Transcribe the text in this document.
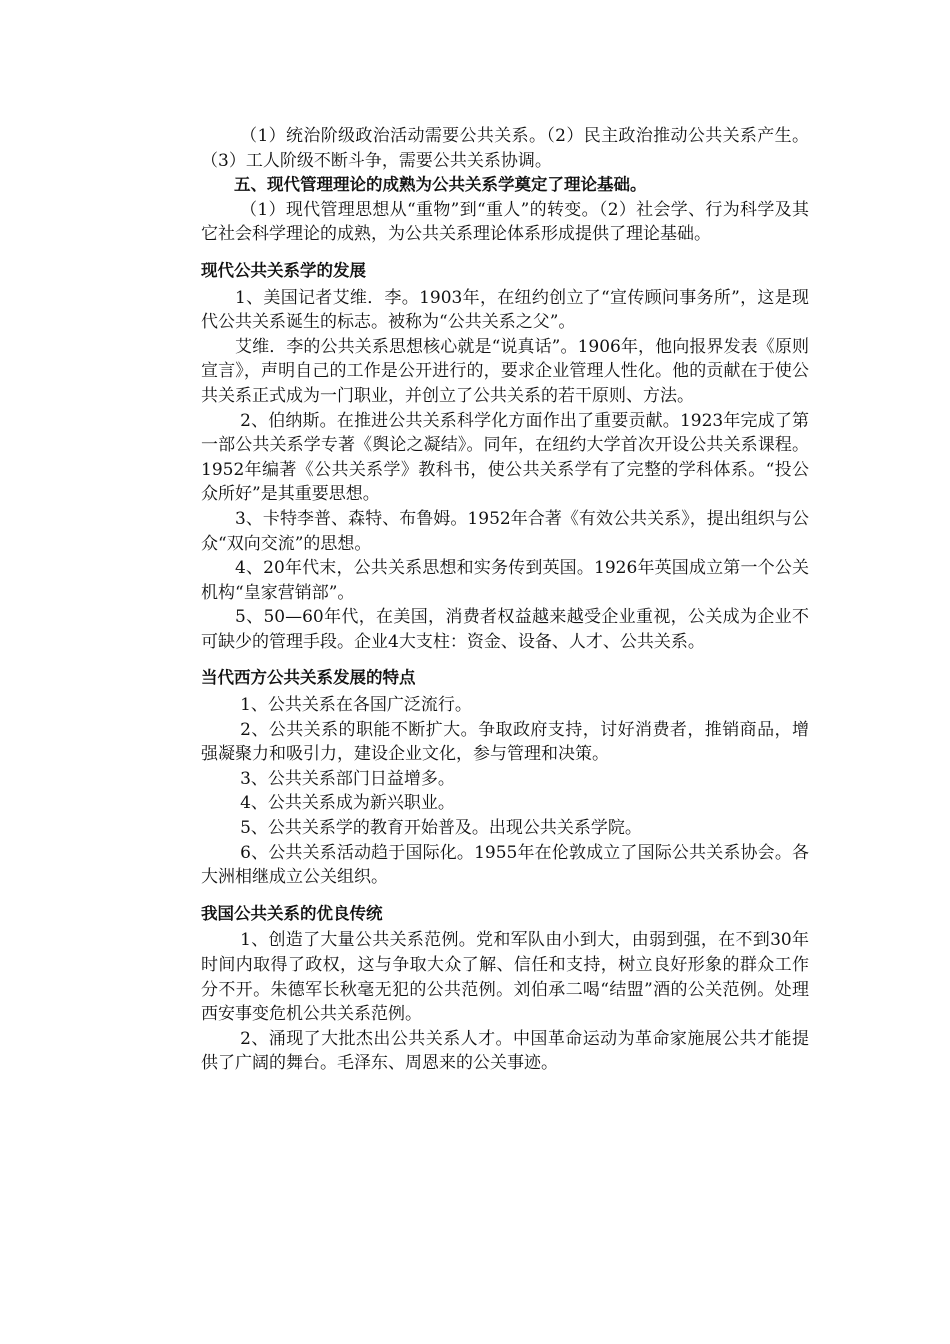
（1）统治阶级政治活动需要公共关系。（2）民主政治推动公共关系产生。（3）工人阶级不断斗争，需要公共关系协调。

五、现代管理理论的成熟为公共关系学奠定了理论基础。

（1）现代管理思想从“重物”到“重人”的转变。（2）社会学、行为科学及其它社会科学理论的成熟，为公共关系理论体系形成提供了理论基础。

现代公共关系学的发展

1、美国记者艾维．李。1903年，在纽约创立了“宣传顾问事务所”，这是现代公共关系诞生的标志。被称为“公共关系之父”。

艾维．李的公共关系思想核心就是“说真话”。1906年，他向报界发表《原则宣言》，声明自己的工作是公开进行的，要求企业管理人性化。他的贡献在于使公共关系正式成为一门职业，并创立了公共关系的若干原则、方法。

2、伯纳斯。在推进公共关系科学化方面作出了重要贡献。1923年完成了第一部公共关系学专著《舆论之凝结》。同年，在纽约大学首次开设公共关系课程。1952年编著《公共关系学》教科书，使公共关系学有了完整的学科体系。“投公众所好”是其重要思想。

3、卡特李普、森特、布鲁姆。1952年合著《有效公共关系》，提出组织与公众“双向交流”的思想。

4、20年代末，公共关系思想和实务传到英国。1926年英国成立第一个公关机构“皇家营销部”。

5、50—60年代，在美国，消费者权益越来越受企业重视，公关成为企业不可缺少的管理手段。企业4大支柱：资金、设备、人才、公共关系。

当代西方公共关系发展的特点

1、公共关系在各国广泛流行。

2、公共关系的职能不断扩大。争取政府支持，讨好消费者，推销商品，增强凝聚力和吸引力，建设企业文化，参与管理和决策。

3、公共关系部门日益增多。

4、公共关系成为新兴职业。

5、公共关系学的教育开始普及。出现公共关系学院。

6、公共关系活动趋于国际化。1955年在伦敦成立了国际公共关系协会。各大洲相继成立公关组织。

我国公共关系的优良传统

1、创造了大量公共关系范例。党和军队由小到大，由弱到强，在不到30年时间内取得了政权，这与争取大众了解、信任和支持，树立良好形象的群众工作分不开。朱德军长秋毫无犯的公共范例。刘伯承二喝“结盟”酒的公关范例。处理西安事变危机公共关系范例。

2、涌现了大批杰出公共关系人才。中国革命运动为革命家施展公共才能提供了广阔的舞台。毛泽东、周恩来的公关事迹。
